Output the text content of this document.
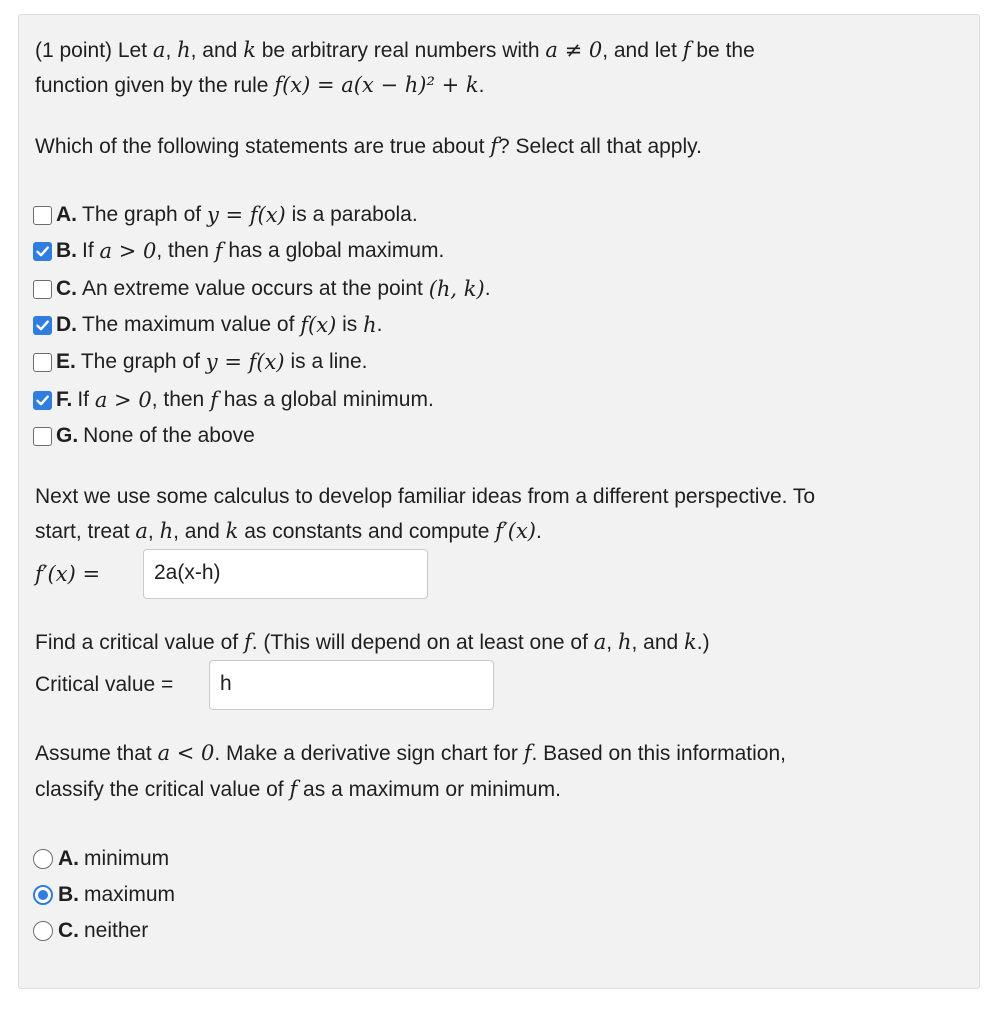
(1 point) Let a, h, and k be arbitrary real numbers with a ≠ 0, and let f be the
function given by the rule f(x) = a(x − h)² + k.
Which of the following statements are true about f? Select all that apply.
A. The graph of
y = f(x)
is a parabola.
B. If
a > 0 , then
f
has a global maximum.
C. An extreme value occurs at the point
(h, k) .
D. The maximum value of
f(x)
is
h .
E. The graph of
y = f(x)
is a line.
F. If
a > 0 , then
f
has a global minimum.
G. None of the above
Next we use some calculus to develop familiar ideas from a different perspective. To
start, treat a, h, and k as constants and compute f′(x).
f′(x) =	2a(x-h)
Find a critical value of f. (This will depend on at least one of a, h, and k.)
Critical value =	h
Assume that a < 0. Make a derivative sign chart for f. Based on this information,
classify the critical value of f as a maximum or minimum.
A. minimum
B. maximum
C. neither
